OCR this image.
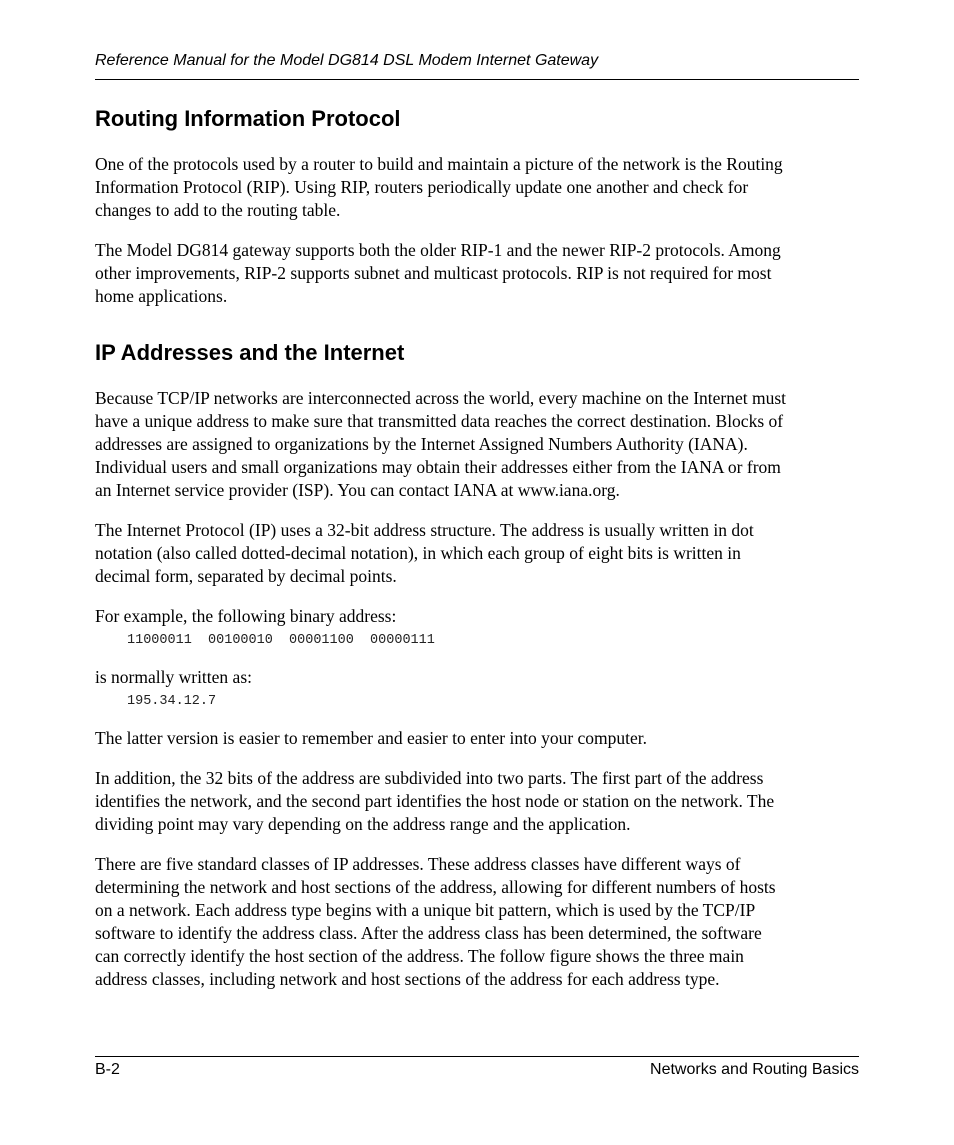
Reference Manual for the Model DG814 DSL Modem Internet Gateway
Routing Information Protocol

One of the protocols used by a router to build and maintain a picture of the network is the Routing
Information Protocol (RIP). Using RIP, routers periodically update one another and check for
changes to add to the routing table.

The Model DG814 gateway supports both the older RIP-1 and the newer RIP-2 protocols. Among
other improvements, RIP-2 supports subnet and multicast protocols. RIP is not required for most
home applications.

IP Addresses and the Internet

Because TCP/IP networks are interconnected across the world, every machine on the Internet must
have a unique address to make sure that transmitted data reaches the correct destination. Blocks of
addresses are assigned to organizations by the Internet Assigned Numbers Authority (IANA).
Individual users and small organizations may obtain their addresses either from the IANA or from
an Internet service provider (ISP). You can contact IANA at www.iana.org.

The Internet Protocol (IP) uses a 32-bit address structure. The address is usually written in dot
notation (also called dotted-decimal notation), in which each group of eight bits is written in
decimal form, separated by decimal points.

For example, the following binary address:

11000011  00100010  00001100  00000111

is normally written as:

195.34.12.7

The latter version is easier to remember and easier to enter into your computer.

In addition, the 32 bits of the address are subdivided into two parts. The first part of the address
identifies the network, and the second part identifies the host node or station on the network. The
dividing point may vary depending on the address range and the application.

There are five standard classes of IP addresses. These address classes have different ways of
determining the network and host sections of the address, allowing for different numbers of hosts
on a network. Each address type begins with a unique bit pattern, which is used by the TCP/IP
software to identify the address class. After the address class has been determined, the software
can correctly identify the host section of the address. The follow figure shows the three main
address classes, including network and host sections of the address for each address type.

B-2	Networks and Routing Basics
